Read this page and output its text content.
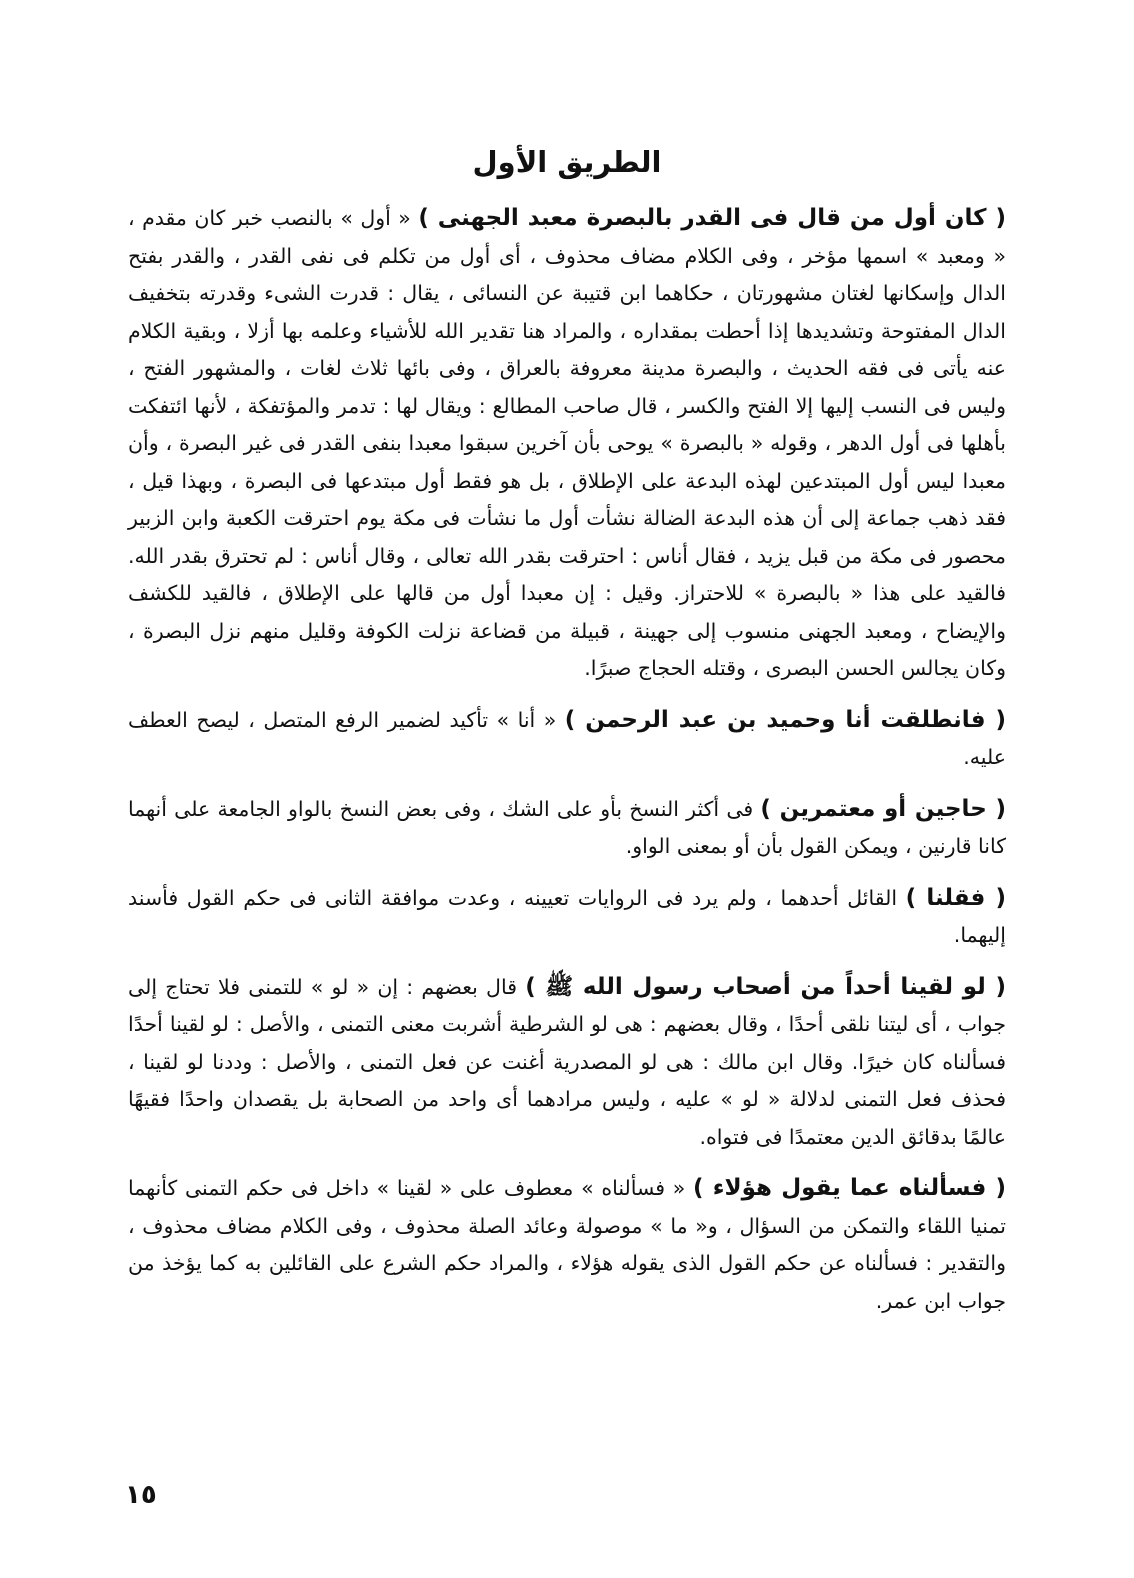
الطريق الأول

( كان أول من قال فى القدر بالبصرة معبد الجهنى ) « أول » بالنصب خبر كان مقدم ، « ومعبد » اسمها مؤخر ، وفى الكلام مضاف محذوف ، أى أول من تكلم فى نفى القدر ، والقدر بفتح الدال وإسكانها لغتان مشهورتان ، حكاهما ابن قتيبة عن النسائى ، يقال : قدرت الشىء وقدرته بتخفيف الدال المفتوحة وتشديدها إذا أحطت بمقداره ، والمراد هنا تقدير الله للأشياء وعلمه بها أزلا ، وبقية الكلام عنه يأتى فى فقه الحديث ، والبصرة مدينة معروفة بالعراق ، وفى بائها ثلاث لغات ، والمشهور الفتح ، وليس فى النسب إليها إلا الفتح والكسر ، قال صاحب المطالع : ويقال لها : تدمر والمؤتفكة ، لأنها ائتفكت بأهلها فى أول الدهر ، وقوله « بالبصرة » يوحى بأن آخرين سبقوا معبدا بنفى القدر فى غير البصرة ، وأن معبدا ليس أول المبتدعين لهذه البدعة على الإطلاق ، بل هو فقط أول مبتدعها فى البصرة ، وبهذا قيل ، فقد ذهب جماعة إلى أن هذه البدعة الضالة نشأت أول ما نشأت فى مكة يوم احترقت الكعبة وابن الزبير محصور فى مكة من قبل يزيد ، فقال أناس : احترقت بقدر الله تعالى ، وقال أناس : لم تحترق بقدر الله. فالقيد على هذا « بالبصرة » للاحتراز. وقيل : إن معبدا أول من قالها على الإطلاق ، فالقيد للكشف والإيضاح ، ومعبد الجهنى منسوب إلى جهينة ، قبيلة من قضاعة نزلت الكوفة وقليل منهم نزل البصرة ، وكان يجالس الحسن البصرى ، وقتله الحجاج صبرًا.

( فانطلقت أنا وحميد بن عبد الرحمن ) « أنا » تأكيد لضمير الرفع المتصل ، ليصح العطف عليه.

( حاجين أو معتمرين ) فى أكثر النسخ بأو على الشك ، وفى بعض النسخ بالواو الجامعة على أنهما كانا قارنين ، ويمكن القول بأن أو بمعنى الواو.

( فقلنا ) القائل أحدهما ، ولم يرد فى الروايات تعيينه ، وعدت موافقة الثانى فى حكم القول فأسند إليهما.

( لو لقينا أحداً من أصحاب رسول الله ﷺ ) قال بعضهم : إن « لو » للتمنى فلا تحتاج إلى جواب ، أى ليتنا نلقى أحدًا ، وقال بعضهم : هى لو الشرطية أشربت معنى التمنى ، والأصل : لو لقينا أحدًا فسألناه كان خيرًا. وقال ابن مالك : هى لو المصدرية أغنت عن فعل التمنى ، والأصل : وددنا لو لقينا ، فحذف فعل التمنى لدلالة « لو » عليه ، وليس مرادهما أى واحد من الصحابة بل يقصدان واحدًا فقيهًا عالمًا بدقائق الدين معتمدًا فى فتواه.

( فسألناه عما يقول هؤلاء ) « فسألناه » معطوف على « لقينا » داخل فى حكم التمنى كأنهما تمنيا اللقاء والتمكن من السؤال ، و« ما » موصولة وعائد الصلة محذوف ، وفى الكلام مضاف محذوف ، والتقدير : فسألناه عن حكم القول الذى يقوله هؤلاء ، والمراد حكم الشرع على القائلين به كما يؤخذ من جواب ابن عمر.

١٥
